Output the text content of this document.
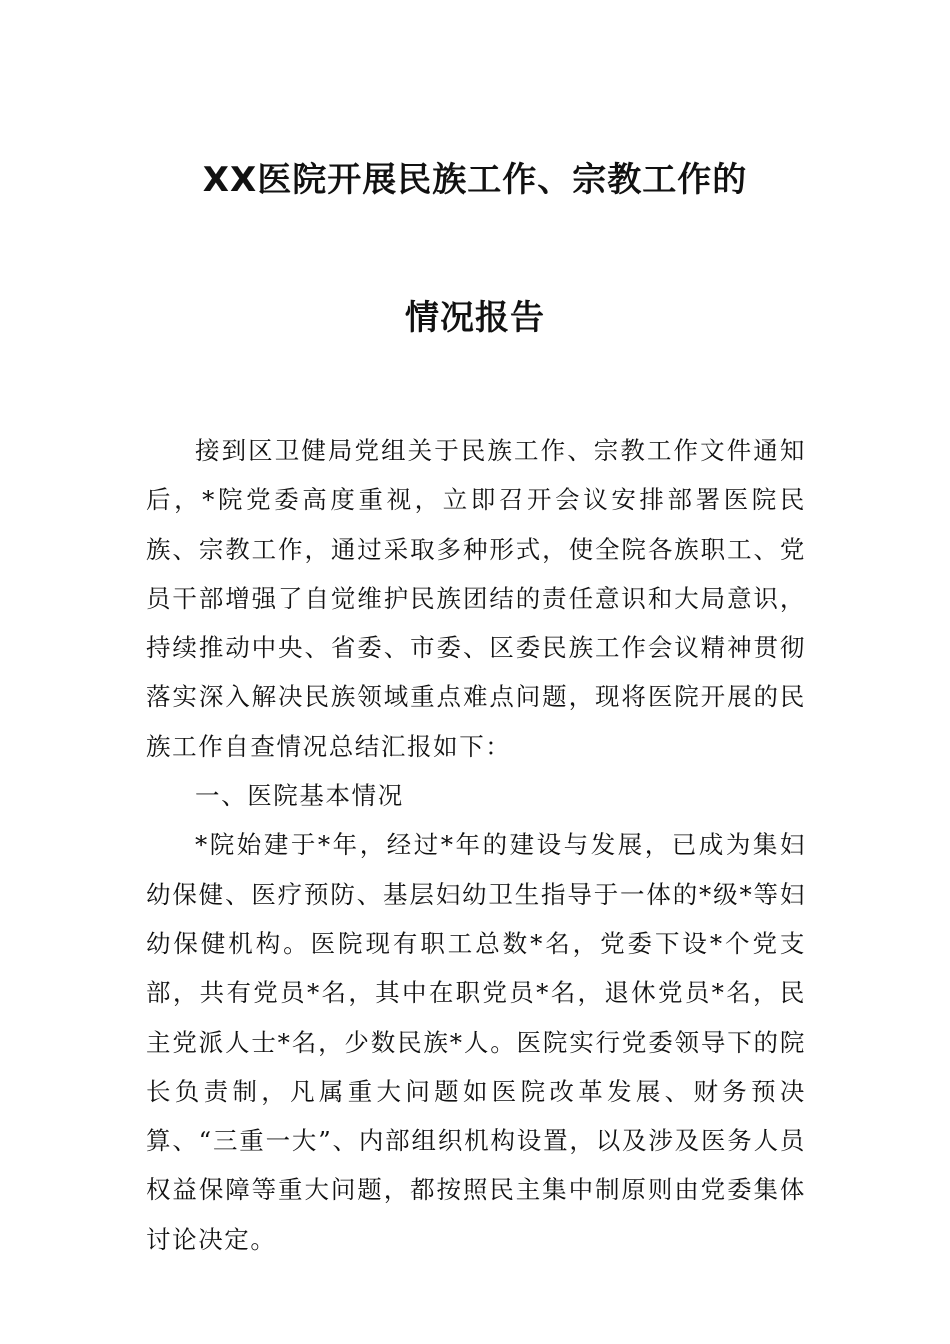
XX医院开展民族工作、宗教工作的
情况报告

接到区卫健局党组关于民族工作、宗教工作文件通知后，*院党委高度重视，立即召开会议安排部署医院民族、宗教工作，通过采取多种形式，使全院各族职工、党员干部增强了自觉维护民族团结的责任意识和大局意识，持续推动中央、省委、市委、区委民族工作会议精神贯彻落实深入解决民族领域重点难点问题，现将医院开展的民族工作自查情况总结汇报如下：

一、医院基本情况

*院始建于*年，经过*年的建设与发展，已成为集妇幼保健、医疗预防、基层妇幼卫生指导于一体的*级*等妇幼保健机构。医院现有职工总数*名，党委下设*个党支部，共有党员*名，其中在职党员*名，退休党员*名，民主党派人士*名，少数民族*人。医院实行党委领导下的院长负责制，凡属重大问题如医院改革发展、财务预决算、“三重一大”、内部组织机构设置，以及涉及医务人员权益保障等重大问题，都按照民主集中制原则由党委集体讨论决定。
